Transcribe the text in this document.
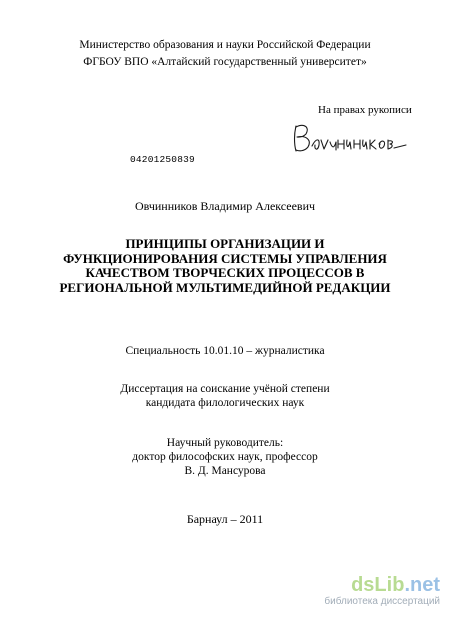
Министерство образования и науки Российской Федерации
ФГБОУ ВПО «Алтайский государственный университет»
На правах рукописи
04201250839
Овчинников Владимир Алексеевич
ПРИНЦИПЫ ОРГАНИЗАЦИИ И
ФУНКЦИОНИРОВАНИЯ СИСТЕМЫ УПРАВЛЕНИЯ
КАЧЕСТВОМ ТВОРЧЕСКИХ ПРОЦЕССОВ В
РЕГИОНАЛЬНОЙ МУЛЬТИМЕДИЙНОЙ РЕДАКЦИИ
Специальность 10.01.10 – журналистика
Диссертация на соискание учёной степени
кандидата филологических наук
Научный руководитель:
доктор философских наук, профессор
В. Д. Мансурова
Барнаул – 2011
dsLib.net
библиотека диссертаций
